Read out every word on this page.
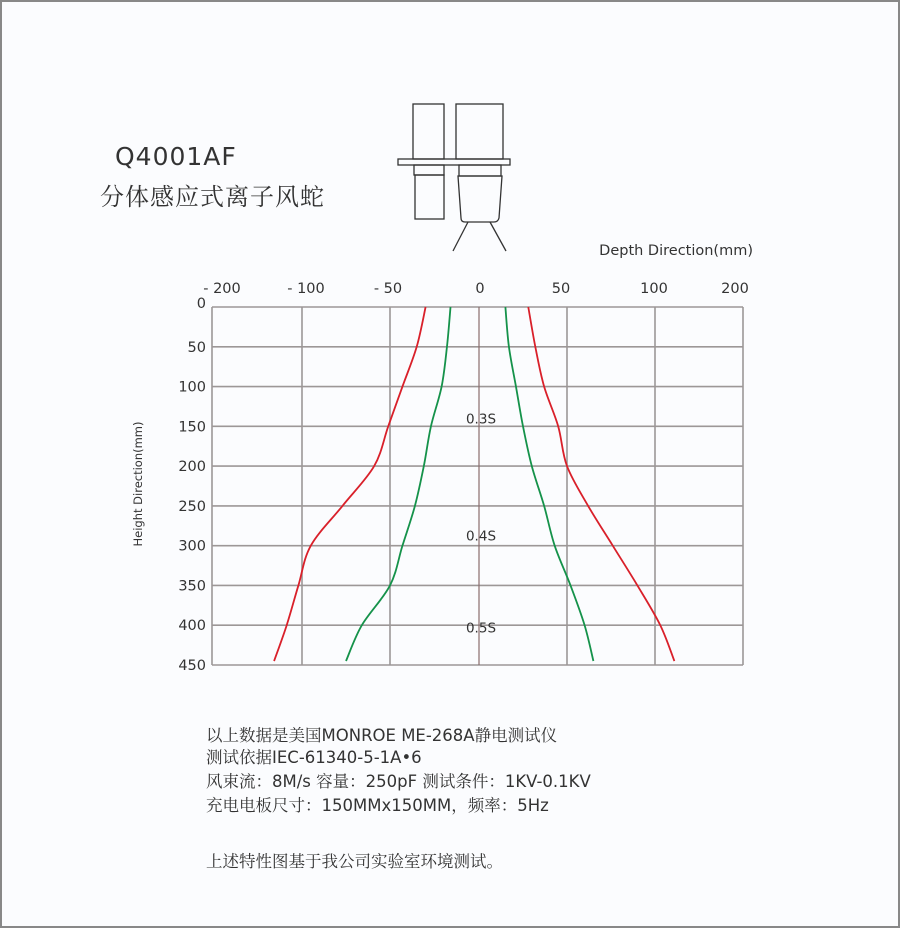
Q4001AF
分体感应式离子风蛇
Depth Direction(mm)
Height Direction(mm)
- 200	- 100	- 50	0	50	100	200
0
50
100
150
200
250
300
350
400
450
0.3S
0.4S
0.5S
以上数据是美国MONROE ME-268A静电测试仪
测试依据IEC-61340-5-1A•6
风束流：8M/s 容量：250pF 测试条件：1KV-0.1KV
充电电板尺寸：150MMx150MM，频率：5Hz
上述特性图基于我公司实验室环境测试。
